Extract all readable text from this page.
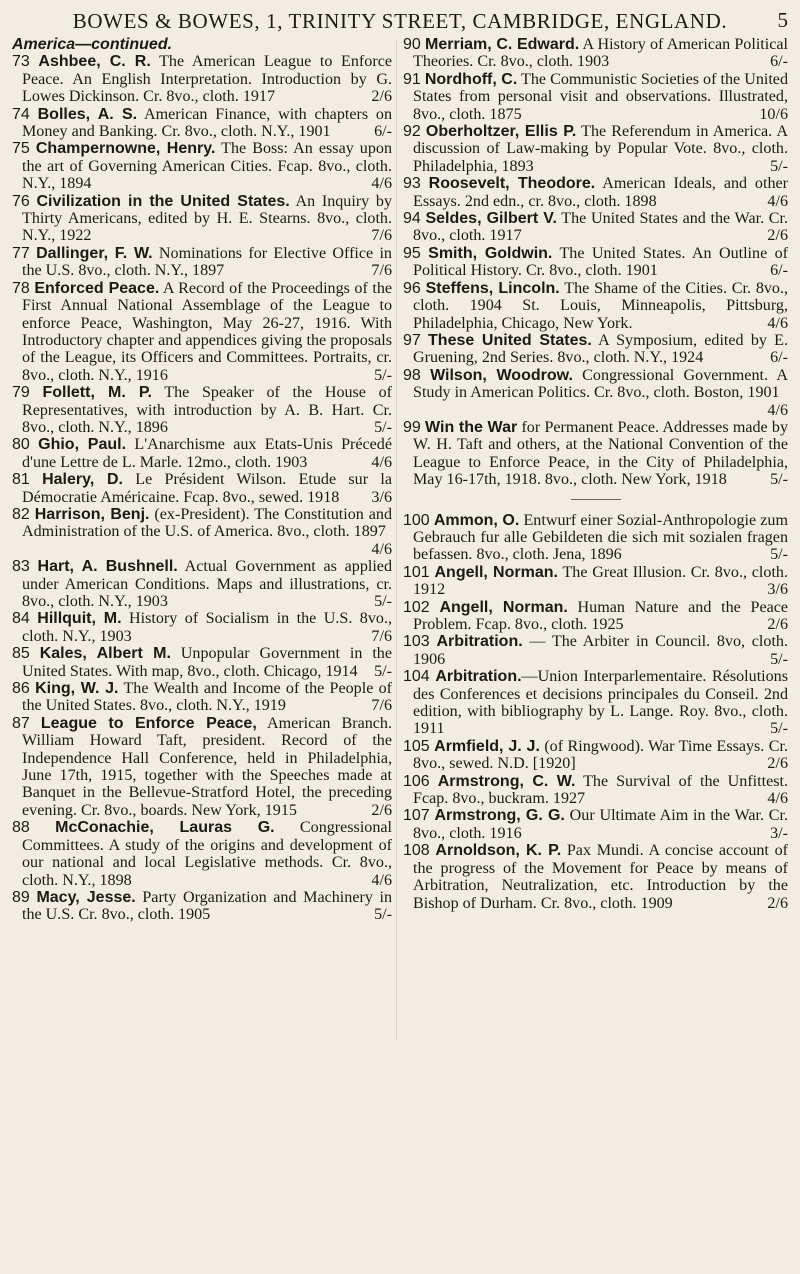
BOWES & BOWES, 1, TRINITY STREET, CAMBRIDGE, ENGLAND.	5

America—continued.

73 Ashbee, C. R. The American League to Enforce Peace. An English Interpretation. Introduction by G. Lowes Dickinson. Cr. 8vo., cloth. 1917	2/6

74 Bolles, A. S. American Finance, with chapters on Money and Banking. Cr. 8vo., cloth. N.Y., 1901	6/-

75 Champernowne, Henry. The Boss: An essay upon the art of Governing American Cities. Fcap. 8vo., cloth. N.Y., 1894	4/6

76 Civilization in the United States. An Inquiry by Thirty Americans, edited by H. E. Stearns. 8vo., cloth. N.Y., 1922	7/6

77 Dallinger, F. W. Nominations for Elective Office in the U.S. 8vo., cloth. N.Y., 1897	7/6

78 Enforced Peace. A Record of the Proceedings of the First Annual National Assemblage of the League to enforce Peace, Washington, May 26-27, 1916. With Introductory chapter and appendices giving the proposals of the League, its Officers and Committees. Portraits, cr. 8vo., cloth. N.Y., 1916	5/-

79 Follett, M. P. The Speaker of the House of Representatives, with introduction by A. B. Hart. Cr. 8vo., cloth. N.Y., 1896	5/-

80 Ghio, Paul. L'Anarchisme aux Etats-Unis Précedé d'une Lettre de L. Marle. 12mo., cloth. 1903	4/6

81 Halery, D. Le Président Wilson. Etude sur la Démocratie Américaine. Fcap. 8vo., sewed. 1918 3/6

82 Harrison, Benj. (ex-President). The Constitution and Administration of the U.S. of America. 8vo., cloth. 1897
4/6

83 Hart, A. Bushnell. Actual Government as applied under American Conditions. Maps and illustrations, cr. 8vo., cloth. N.Y., 1903	5/-

84 Hillquit, M. History of Socialism in the U.S. 8vo., cloth. N.Y., 1903	7/6

85 Kales, Albert M. Unpopular Government in the United States. With map, 8vo., cloth. Chicago, 1914 5/-

86 King, W. J. The Wealth and Income of the People of the United States. 8vo., cloth. N.Y., 1919	7/6

87 League to Enforce Peace, American Branch. William Howard Taft, president. Record of the Independence Hall Conference, held in Philadelphia, June 17th, 1915, together with the Speeches made at Banquet in the Bellevue-Stratford Hotel, the preceding evening. Cr. 8vo., boards. New York, 1915	2/6

88 McConachie, Lauras G. Congressional Committees. A study of the origins and development of our national and local Legislative methods. Cr. 8vo., cloth. N.Y., 1898	4/6

89 Macy, Jesse. Party Organization and Machinery in the U.S. Cr. 8vo., cloth. 1905	5/-

90 Merriam, C. Edward. A History of American Political Theories. Cr. 8vo., cloth. 1903	6/-

91 Nordhoff, C. The Communistic Societies of the United States from personal visit and observations. Illustrated, 8vo., cloth. 1875	10/6

92 Oberholtzer, Ellis P. The Referendum in America. A discussion of Law-making by Popular Vote. 8vo., cloth. Philadelphia, 1893	5/-

93 Roosevelt, Theodore. American Ideals, and other Essays. 2nd edn., cr. 8vo., cloth. 1898	4/6

94 Seldes, Gilbert V. The United States and the War. Cr. 8vo., cloth. 1917	2/6

95 Smith, Goldwin. The United States. An Outline of Political History. Cr. 8vo., cloth. 1901	6/-

96 Steffens, Lincoln. The Shame of the Cities. Cr. 8vo., cloth. 1904 St. Louis, Minneapolis, Pittsburg, Philadelphia, Chicago, New York.	4/6

97 These United States. A Symposium, edited by E. Gruening, 2nd Series. 8vo., cloth. N.Y., 1924	6/-

98 Wilson, Woodrow. Congressional Government. A Study in American Politics. Cr. 8vo., cloth. Boston, 1901
4/6

99 Win the War for Permanent Peace. Addresses made by W. H. Taft and others, at the National Convention of the League to Enforce Peace, in the City of Philadelphia, May 16-17th, 1918. 8vo., cloth. New York, 1918	5/-

100 Ammon, O. Entwurf einer Sozial-Anthropologie zum Gebrauch fur alle Gebildeten die sich mit sozialen fragen befassen. 8vo., cloth. Jena, 1896	5/-

101 Angell, Norman. The Great Illusion. Cr. 8vo., cloth. 1912	3/6

102 Angell, Norman. Human Nature and the Peace Problem. Fcap. 8vo., cloth. 1925	2/6

103 Arbitration. — The Arbiter in Council. 8vo, cloth. 1906	5/-

104 Arbitration.—Union Interparlementaire. Résolutions des Conferences et decisions principales du Conseil. 2nd edition, with bibliography by L. Lange. Roy. 8vo., cloth. 1911	5/-

105 Armfield, J. J. (of Ringwood). War Time Essays. Cr. 8vo., sewed. N.D. [1920]	2/6

106 Armstrong, C. W. The Survival of the Unfittest. Fcap. 8vo., buckram. 1927	4/6

107 Armstrong, G. G. Our Ultimate Aim in the War. Cr. 8vo., cloth. 1916	3/-

108 Arnoldson, K. P. Pax Mundi. A concise account of the progress of the Movement for Peace by means of Arbitration, Neutralization, etc. Introduction by the Bishop of Durham. Cr. 8vo., cloth. 1909	2/6
